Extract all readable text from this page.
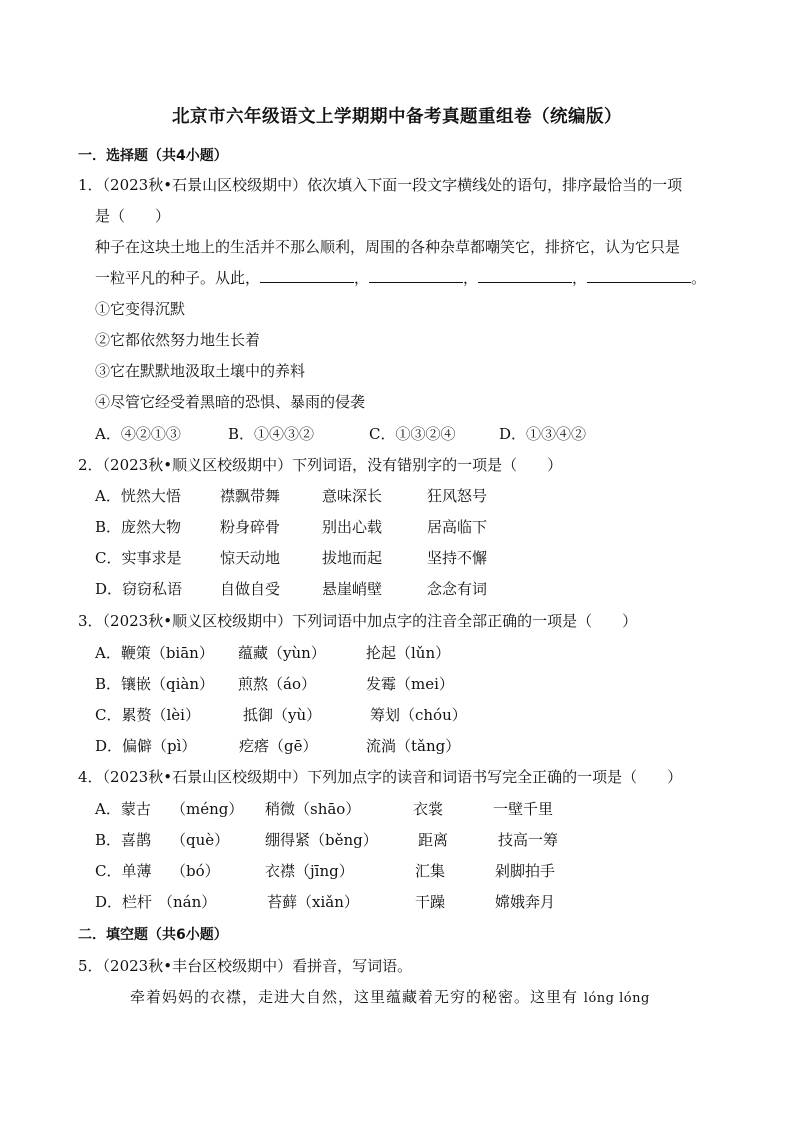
北京市六年级语文上学期期中备考真题重组卷（统编版）
一．选择题（共4小题）
1．（2023秋•石景山区校级期中）依次填入下面一段文字横线处的语句，排序最恰当的一项
是（　　）
种子在这块土地上的生活并不那么顺利，周围的各种杂草都嘲笑它，排挤它，认为它只是
一粒平凡的种子。从此，	，	，	，	。
①它变得沉默
②它都依然努力地生长着
③它在默默地汲取土壤中的养料
④尽管它经受着黑暗的恐惧、暴雨的侵袭
A．④②①③	B．①④③②	C．①③②④	D．①③④②
2．（2023秋•顺义区校级期中）下列词语，没有错别字的一项是（　　）
A．恍然大悟	襟飘带舞	意味深长	狂风怒号
B．庞然大物	粉身碎骨	别出心载	居高临下
C．实事求是	惊天动地	拔地而起	坚持不懈
D．窃窃私语	自做自受	悬崖峭壁	念念有词
3．（2023秋•顺义区校级期中）下列词语中加点字的注音全部正确的一项是（　　）
A．鞭策（biān） 蕴藏（yùn）	抡起（lǔn）
B．镶嵌（qiàn） 煎熬（áo）	发霉（mei）
C．累赘（lèi）	抵御（yù）	筹划（chóu）
D．偏僻（pì）	疙瘩（gē）	流淌（tǎng）
4．（2023秋•石景山区校级期中）下列加点字的读音和词语书写完全正确的一项是（　　）
A．蒙古 （méng） 稍微（shāo）	衣裳	一壁千里
B．喜鹊 （què） 绷得紧（běng）	距离	技高一筹
C．单薄 （bó）	衣襟（jīng）	汇集	剁脚拍手
D．栏杆 （nán）	苔藓（xiǎn）	干躁	嫦娥奔月
二．填空题（共6小题）
5．（2023秋•丰台区校级期中）看拼音，写词语。
牵着妈妈的衣襟，走进大自然，这里蕴藏着无穷的秘密。这里有 lóng lóng
